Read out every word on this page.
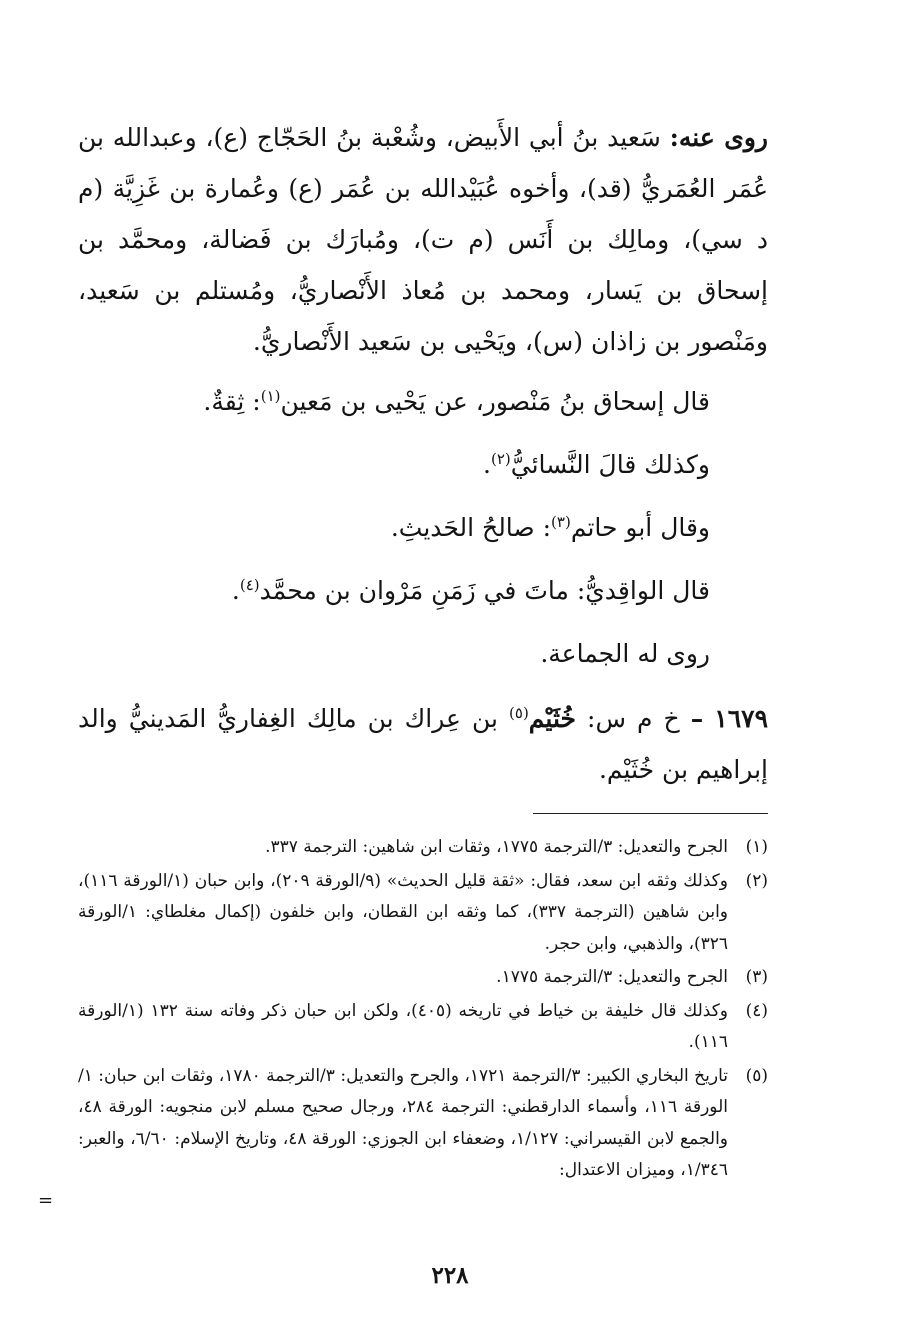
روى عنه: سَعيد بنُ أبي الأَبيض، وشُعْبة بنُ الحَجّاج (ع)، وعبدالله بن عُمَر العُمَريُّ (قد)، وأخوه عُبَيْدالله بن عُمَر (ع) وعُمارة بن غَزِيَّة (م د سي)، ومالِك بن أَنَس (م ت)، ومُبارَك بن فَضالة، ومحمَّد بن إسحاق بن يَسار، ومحمد بن مُعاذ الأَنْصاريُّ، ومُستلم بن سَعيد، ومَنْصور بن زاذان (س)، ويَحْيى بن سَعيد الأَنْصاريُّ.

قال إسحاق بنُ مَنْصور، عن يَحْيى بن مَعين$^{(١)}$: ثِقةٌ.

وكذلك قالَ النَّسائيُّ$^{(٢)}$.

وقال أبو حاتم$^{(٣)}$: صالحُ الحَديثِ.

قال الواقِديُّ: ماتَ في زَمَنِ مَرْوان بن محمَّد$^{(٤)}$.

روى له الجماعة.

١٦٧٩ – خ م س: خُثَيْم$^{(٥)}$ بن عِراك بن مالِك الغِفاريُّ المَدينيُّ والد إبراهيم بن خُثَيْم.

(١)
الجرح والتعديل: ٣/الترجمة ١٧٧٥، وثقات ابن شاهين: الترجمة ٣٣٧.
(٢)
وكذلك وثقه ابن سعد، فقال: «ثقة قليل الحديث» (٩/الورقة ٢٠٩)، وابن حبان (١/الورقة ١١٦)، وابن شاهين (الترجمة ٣٣٧)، كما وثقه ابن القطان، وابن خلفون (إكمال مغلطاي: ١/الورقة ٣٢٦)، والذهبي، وابن حجر.
(٣)
الجرح والتعديل: ٣/الترجمة ١٧٧٥.
(٤)
وكذلك قال خليفة بن خياط في تاريخه (٤٠٥)، ولكن ابن حبان ذكر وفاته سنة ١٣٢ (١/الورقة ١١٦).
(٥)
تاريخ البخاري الكبير: ٣/الترجمة ١٧٢١، والجرح والتعديل: ٣/الترجمة ١٧٨٠، وثقات ابن حبان: ١/الورقة ١١٦، وأسماء الدارقطني: الترجمة ٢٨٤، ورجال صحيح مسلم لابن منجويه: الورقة ٤٨، والجمع لابن القيسراني: ١/١٢٧، وضعفاء ابن الجوزي: الورقة ٤٨، وتاريخ الإسلام: ٦/٦٠، والعبر: ١/٣٤٦، وميزان الاعتدال:
=
٢٢٨
